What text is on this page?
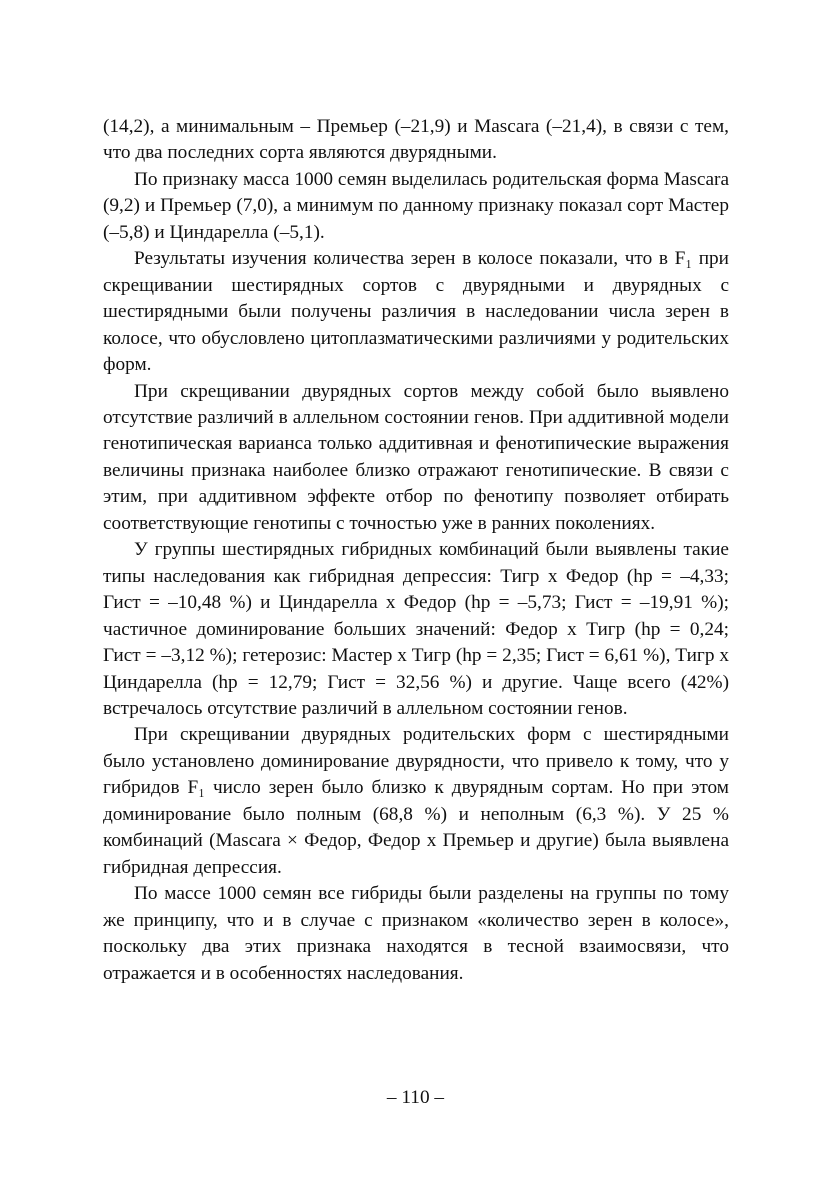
(14,2), а минимальным – Премьер (–21,9) и Mascara (–21,4), в связи с тем, что два последних сорта являются двурядными.

По признаку масса 1000 семян выделилась родительская форма Mascara (9,2) и Премьер (7,0), а минимум по данному признаку показал сорт Мастер (–5,8) и Циндарелла (–5,1).

Результаты изучения количества зерен в колосе показали, что в F₁ при скрещивании шестирядных сортов с двурядными и двурядных с шестирядными были получены различия в наследовании числа зерен в колосе, что обусловлено цитоплазматическими различиями у родительских форм.

При скрещивании двурядных сортов между собой было выявлено отсутствие различий в аллельном состоянии генов. При аддитивной модели генотипическая варианса только аддитивная и фенотипические выражения величины признака наиболее близко отражают генотипические. В связи с этим, при аддитивном эффекте отбор по фенотипу позволяет отбирать соответствующие генотипы с точностью уже в ранних поколениях.

У группы шестирядных гибридных комбинаций были выявлены такие типы наследования как гибридная депрессия: Тигр х Федор (hp = –4,33; Гист = –10,48 %) и Циндарелла х Федор (hp = –5,73; Гист = –19,91 %); частичное доминирование больших значений: Федор х Тигр (hp = 0,24; Гист = –3,12 %); гетерозис: Мастер х Тигр (hp = 2,35; Гист = 6,61 %), Тигр х Циндарелла (hp = 12,79; Гист = 32,56 %) и другие. Чаще всего (42%) встречалось отсутствие различий в аллельном состоянии генов.

При скрещивании двурядных родительских форм с шестирядными было установлено доминирование двурядности, что привело к тому, что у гибридов F₁ число зерен было близко к двурядным сортам. Но при этом доминирование было полным (68,8 %) и неполным (6,3 %). У 25 % комбинаций (Mascara × Федор, Федор х Премьер и другие) была выявлена гибридная депрессия.

По массе 1000 семян все гибриды были разделены на группы по тому же принципу, что и в случае с признаком «количество зерен в колосе», поскольку два этих признака находятся в тесной взаимосвязи, что отражается и в особенностях наследования.

– 110 –
